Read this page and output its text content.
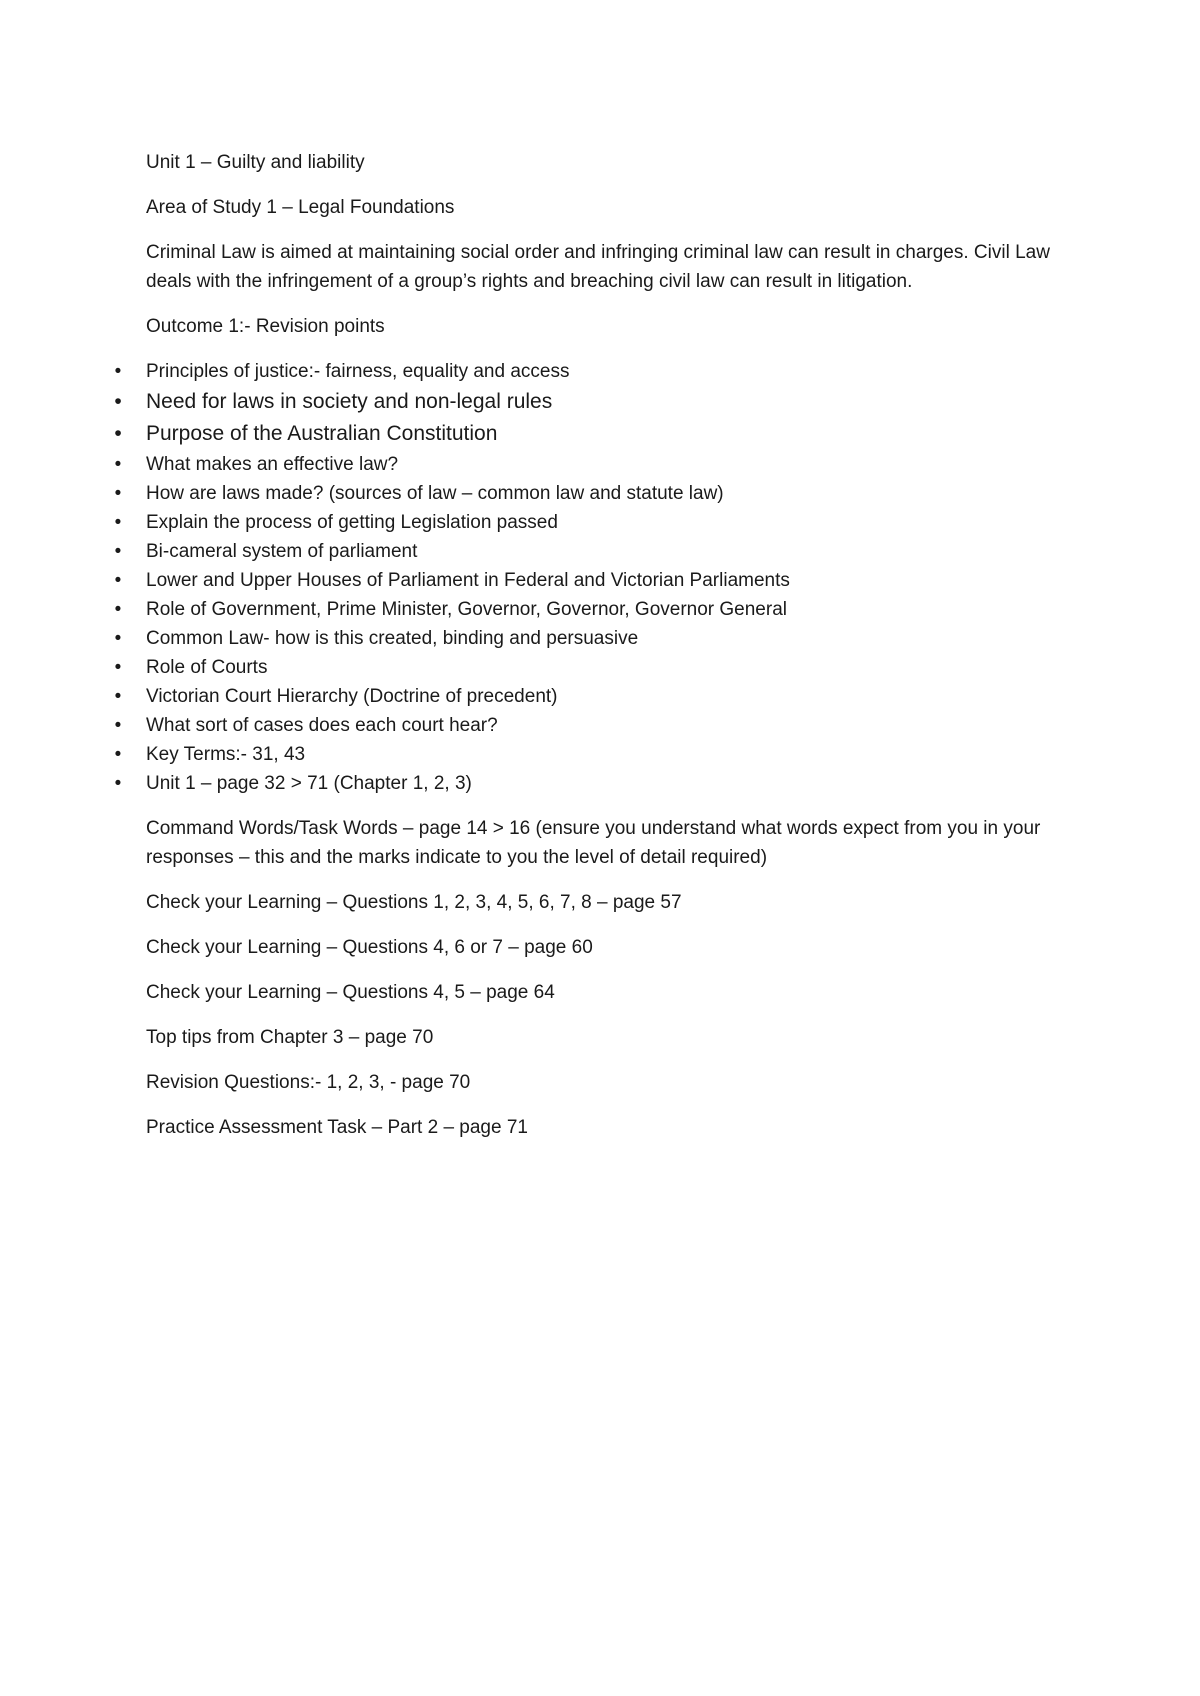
Unit 1 – Guilty and liability

Area of Study 1 – Legal Foundations

Criminal Law is aimed at maintaining social order and infringing criminal law can result in charges. Civil Law deals with the infringement of a group’s rights and breaching civil law can result in litigation.

Outcome 1:- Revision points

•	Principles of justice:- fairness, equality and access
•	Need for laws in society and non-legal rules
•	Purpose of the Australian Constitution
•	What makes an effective law?
•	How are laws made? (sources of law – common law and statute law)
•	Explain the process of getting Legislation passed
•	Bi-cameral system of parliament
•	Lower and Upper Houses of Parliament in Federal and Victorian Parliaments
•	Role of Government, Prime Minister, Governor, Governor, Governor General
•	Common Law- how is this created, binding and persuasive
•	Role of Courts
•	Victorian Court Hierarchy (Doctrine of precedent)
•	What sort of cases does each court hear?
•	Key Terms:- 31, 43
•	Unit 1 – page 32 > 71 (Chapter 1, 2, 3)

Command Words/Task Words – page 14 > 16 (ensure you understand what words expect from you in your responses – this and the marks indicate to you the level of detail required)

Check your Learning – Questions 1, 2, 3, 4, 5, 6, 7, 8 – page 57

Check your Learning – Questions 4, 6 or 7 – page 60

Check your Learning – Questions 4, 5 – page 64

Top tips from Chapter 3 – page 70

Revision Questions:- 1, 2, 3, - page 70

Practice Assessment Task – Part 2 – page 71
